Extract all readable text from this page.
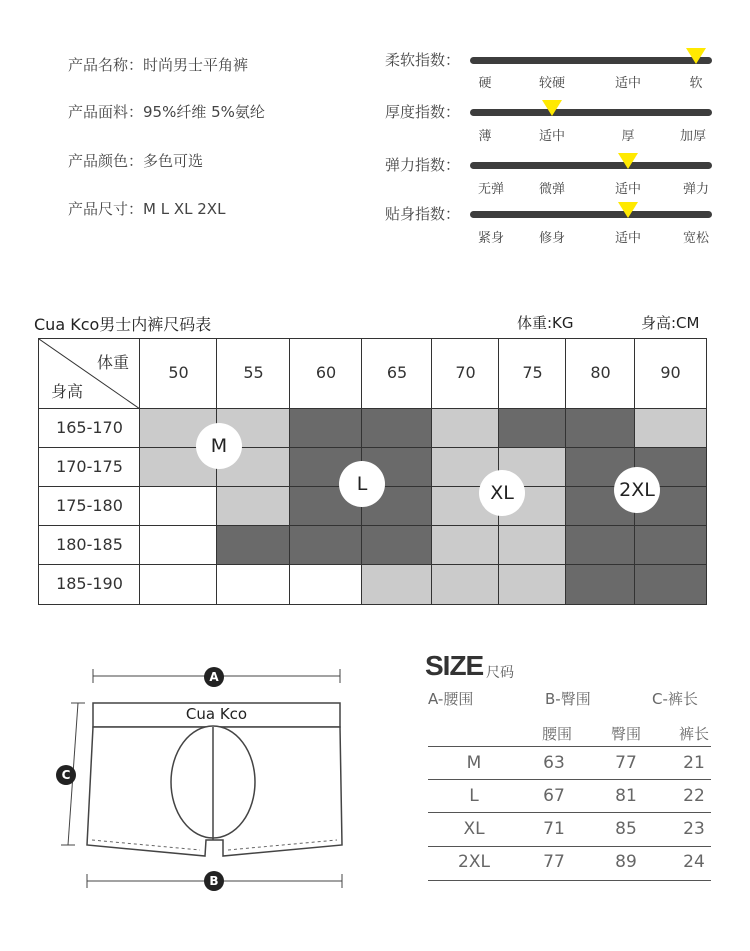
产品名称：时尚男士平角裤
产品面料：95%纤维 5%氨纶
产品颜色：多色可选
产品尺寸：M L XL 2XL
柔软指数：
硬	较硬	适中	软
厚度指数：
薄	适中	厚	加厚
弹力指数：
无弹	微弹	适中	弹力
贴身指数：
紧身	修身	适中	宽松
Cua Kco男士内裤尺码表	体重:KG	身高:CM
体重
身高
50	55	60	65	70	75	80	90
165-170
170-175
175-180
180-185
185-190
M
L	XL	2XL
Cua Kco
A
C
B
SIZE 尺码
A-腰围	B-臀围	C-裤长
腰围	臀围	裤长
M	63	77	21
L	67	81	22
XL	71	85	23
2XL	77	89	24
